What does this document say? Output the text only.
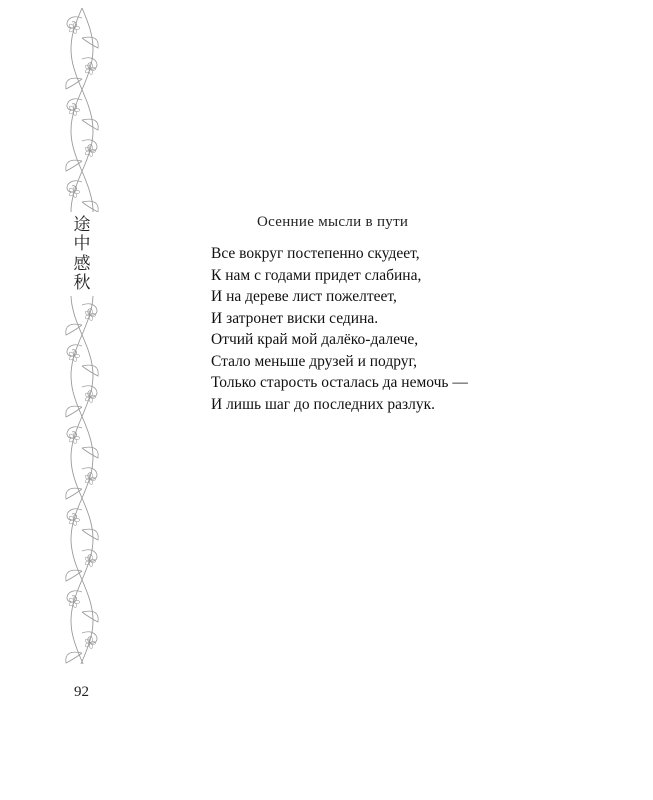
途
中
感
秋
Осенние мысли в пути
Все вокруг постепенно скудеет,
К нам с годами придет слабина,
И на дереве лист пожелтеет,
И затронет виски седина.
Отчий край мой далёко-далече,
Стало меньше друзей и подруг,
Только старость осталась да немочь —
И лишь шаг до последних разлук.
92
